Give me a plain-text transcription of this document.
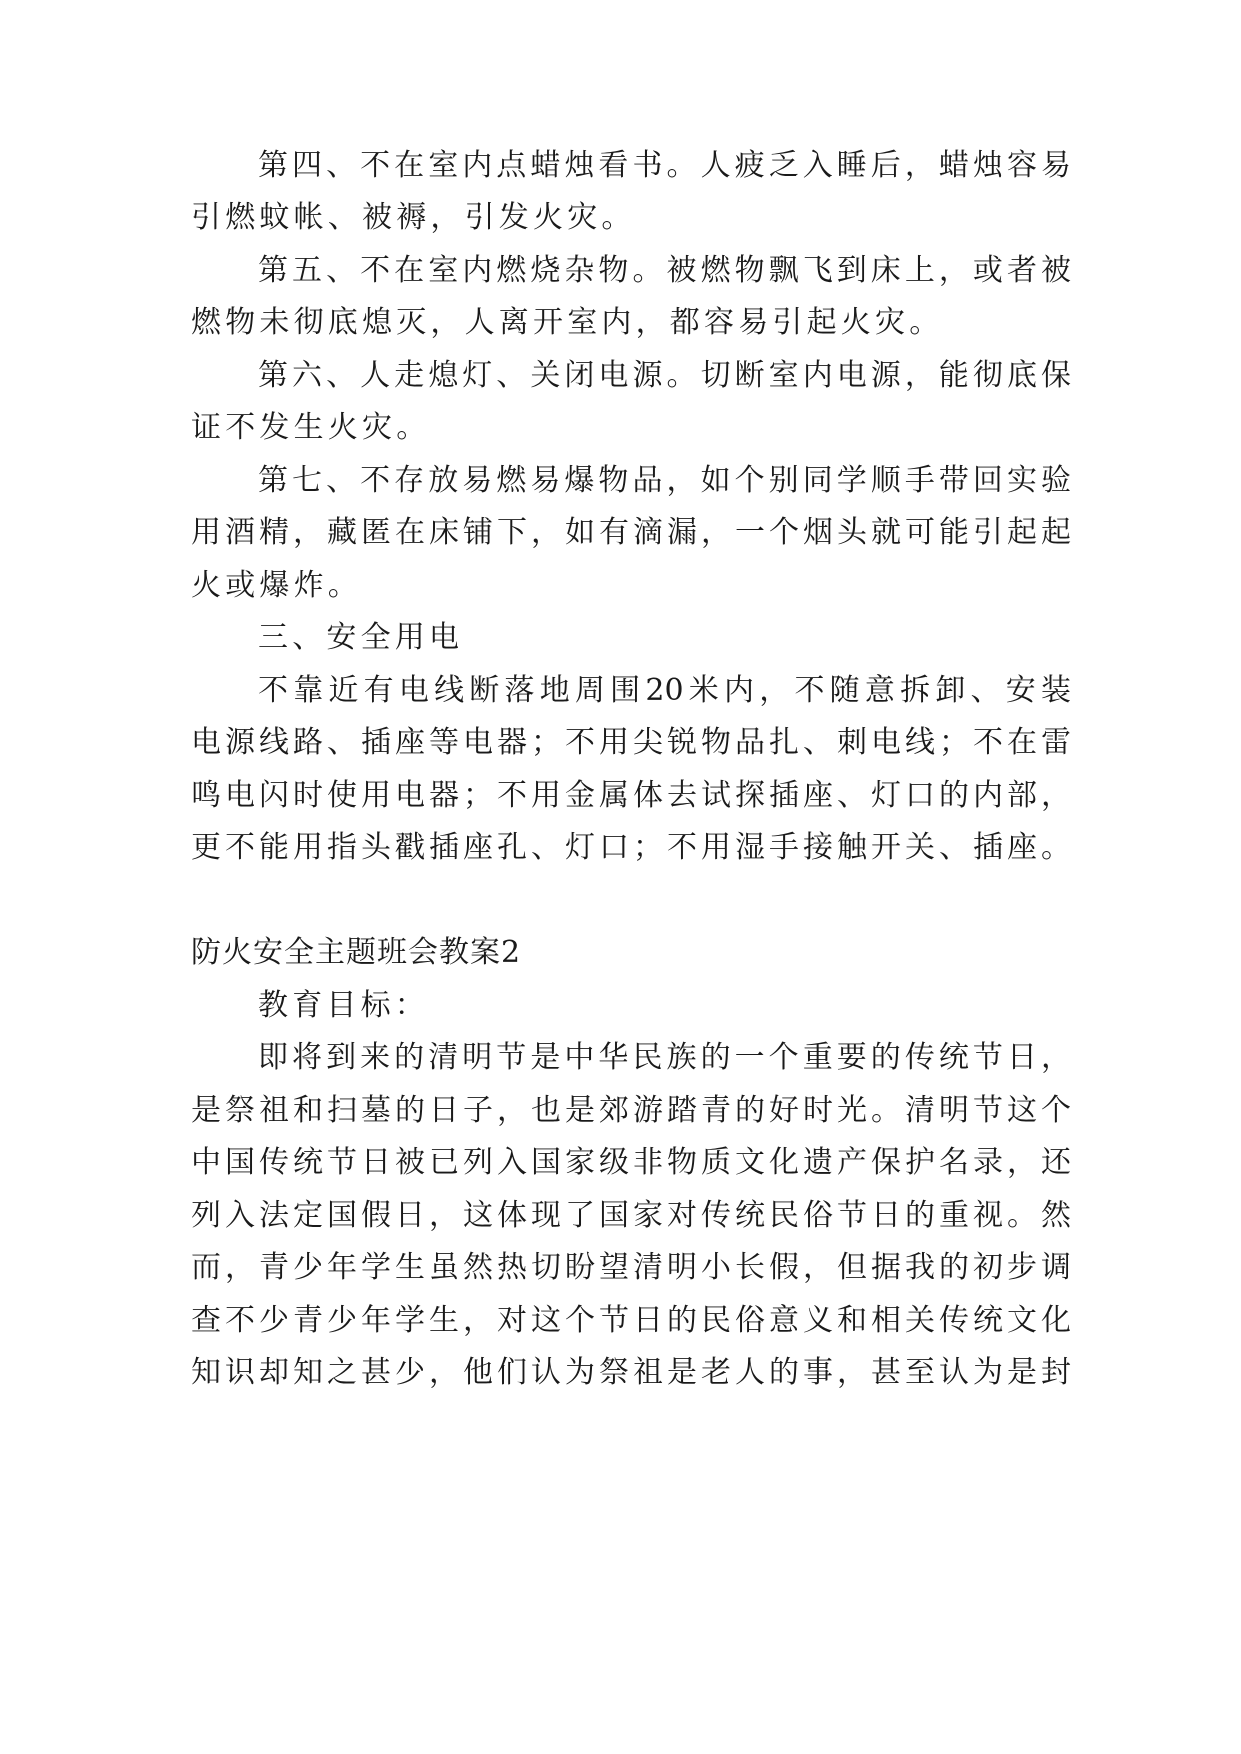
第四、不在室内点蜡烛看书。人疲乏入睡后，蜡烛容易
引燃蚊帐、被褥，引发火灾。
第五、不在室内燃烧杂物。被燃物飘飞到床上，或者被
燃物未彻底熄灭，人离开室内，都容易引起火灾。
第六、人走熄灯、关闭电源。切断室内电源，能彻底保
证不发生火灾。
第七、不存放易燃易爆物品，如个别同学顺手带回实验
用酒精，藏匿在床铺下，如有滴漏，一个烟头就可能引起起
火或爆炸。
三、安全用电
不靠近有电线断落地周围20米内，不随意拆卸、安装
电源线路、插座等电器；不用尖锐物品扎、刺电线；不在雷
鸣电闪时使用电器；不用金属体去试探插座、灯口的内部，
更不能用指头戳插座孔、灯口；不用湿手接触开关、插座。
防火安全主题班会教案2
教育目标：
即将到来的清明节是中华民族的一个重要的传统节日，
是祭祖和扫墓的日子，也是郊游踏青的好时光。清明节这个
中国传统节日被已列入国家级非物质文化遗产保护名录，还
列入法定国假日，这体现了国家对传统民俗节日的重视。然
而，青少年学生虽然热切盼望清明小长假，但据我的初步调
查不少青少年学生，对这个节日的民俗意义和相关传统文化
知识却知之甚少，他们认为祭祖是老人的事，甚至认为是封
